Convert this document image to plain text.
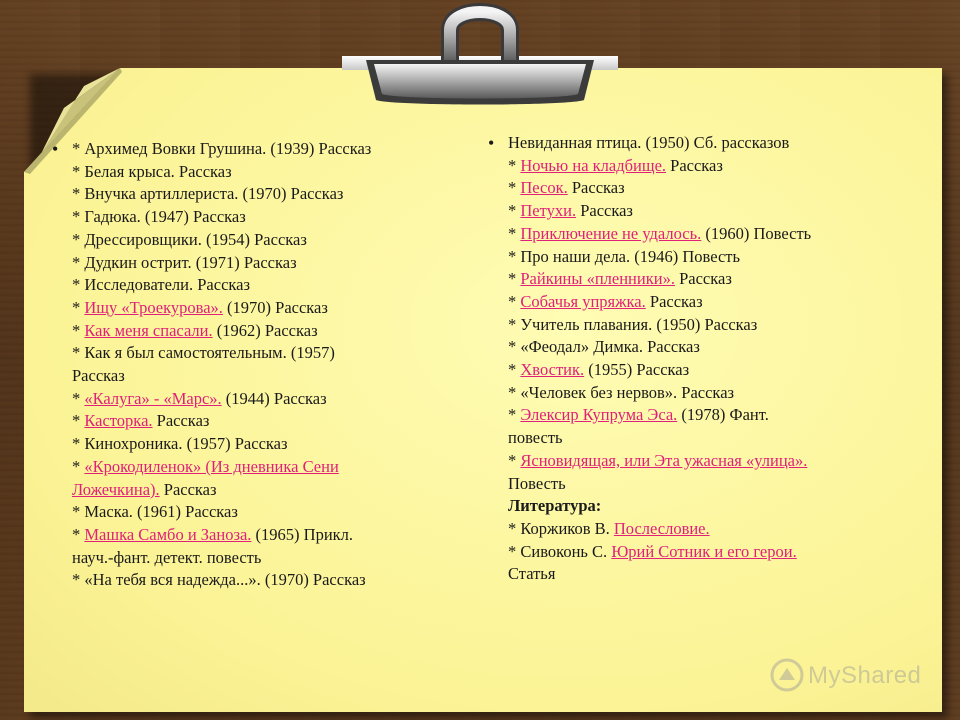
• * Архимед Вовки Грушина. (1939) Рассказ
* Белая крыса. Рассказ
* Внучка артиллериста. (1970) Рассказ
* Гадюка. (1947) Рассказ
* Дрессировщики. (1954) Рассказ
* Дудкин острит. (1971) Рассказ
* Исследователи. Рассказ
* Ищу «Троекурова». (1970) Рассказ
* Как меня спасали. (1962) Рассказ
* Как я был самостоятельным. (1957)
Рассказ
* «Калуга» - «Марс». (1944) Рассказ
* Касторка. Рассказ
* Кинохроника. (1957) Рассказ
* «Крокодиленок» (Из дневника Сени
Ложечкина). Рассказ
* Маска. (1961) Рассказ
* Машка Самбо и Заноза. (1965) Прикл.
науч.-фант. детект. повесть
* «На тебя вся надежда...». (1970) Рассказ
• Невиданная птица. (1950) Сб. рассказов
* Ночью на кладбище. Рассказ
* Песок. Рассказ
* Петухи. Рассказ
* Приключение не удалось. (1960) Повесть
* Про наши дела. (1946) Повесть
* Райкины «пленники». Рассказ
* Собачья упряжка. Рассказ
* Учитель плавания. (1950) Рассказ
* «Феодал» Димка. Рассказ
* Хвостик. (1955) Рассказ
* «Человек без нервов». Рассказ
* Элексир Купрума Эса. (1978) Фант.
повесть
* Ясновидящая, или Эта ужасная «улица».
Повесть
Литература:
* Коржиков В. Послесловие.
* Сивоконь С. Юрий Сотник и его герои.
Статья
MyShared
